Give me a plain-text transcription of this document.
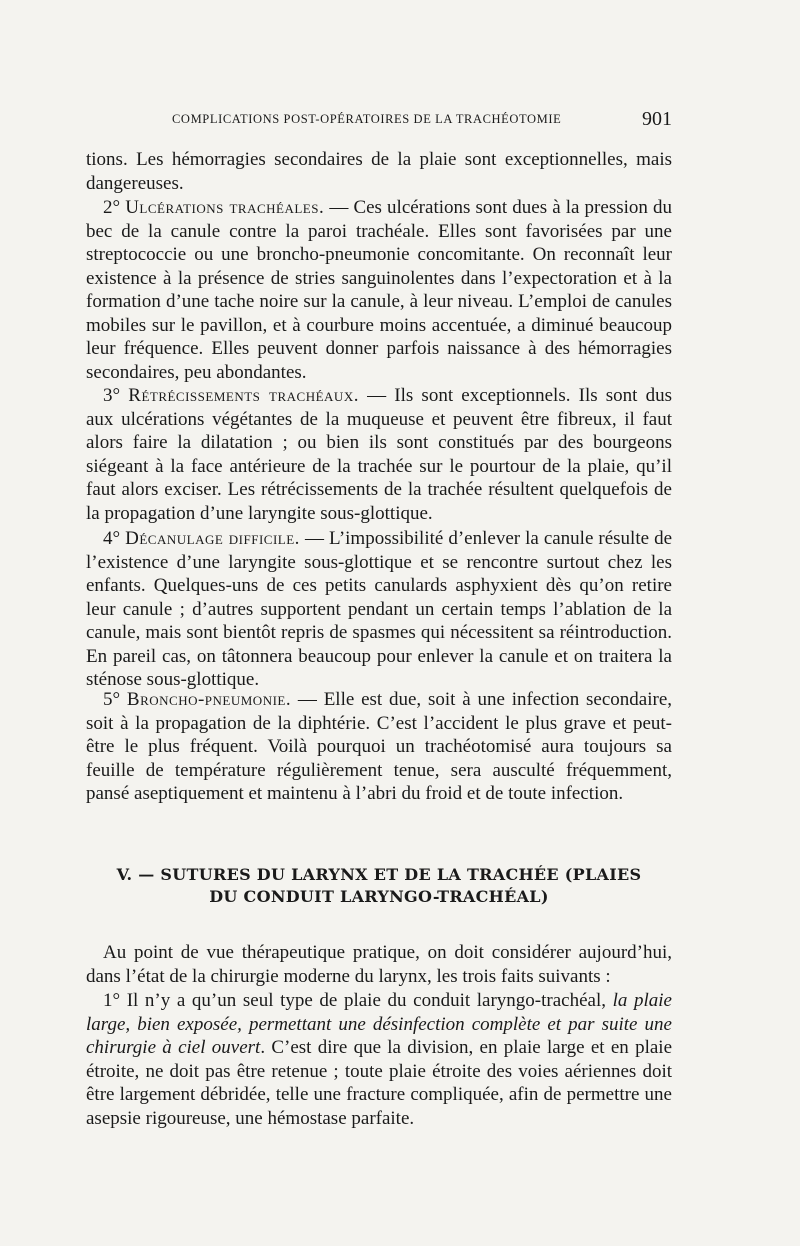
COMPLICATIONS POST-OPÉRATOIRES DE LA TRACHÉOTOMIE	901

tions. Les hémorragies secondaires de la plaie sont exceptionnelles, mais dangereuses.

2° Ulcérations trachéales. — Ces ulcérations sont dues à la pression du bec de la canule contre la paroi trachéale. Elles sont favorisées par une streptococcie ou une broncho-pneumonie concomitante. On reconnaît leur existence à la présence de stries sanguinolentes dans l’expectoration et à la formation d’une tache noire sur la canule, à leur niveau. L’emploi de canules mobiles sur le pavillon, et à courbure moins accentuée, a diminué beaucoup leur fréquence. Elles peuvent donner parfois naissance à des hémorragies secondaires, peu abondantes.

3° Rétrécissements trachéaux. — Ils sont exceptionnels. Ils sont dus aux ulcérations végétantes de la muqueuse et peuvent être fibreux, il faut alors faire la dilatation ; ou bien ils sont constitués par des bourgeons siégeant à la face antérieure de la trachée sur le pourtour de la plaie, qu’il faut alors exciser. Les rétrécissements de la trachée résultent quelquefois de la propagation d’une laryngite sous-glottique.

4° Décanulage difficile. — L’impossibilité d’enlever la canule résulte de l’existence d’une laryngite sous-glottique et se rencontre surtout chez les enfants. Quelques-uns de ces petits canulards asphyxient dès qu’on retire leur canule ; d’autres supportent pendant un certain temps l’ablation de la canule, mais sont bientôt repris de spasmes qui nécessitent sa réintroduction. En pareil cas, on tâtonnera beaucoup pour enlever la canule et on traitera la sténose sous-glottique.

5° Broncho-pneumonie. — Elle est due, soit à une infection secondaire, soit à la propagation de la diphtérie. C’est l’accident le plus grave et peut-être le plus fréquent. Voilà pourquoi un trachéotomisé aura toujours sa feuille de température régulièrement tenue, sera ausculté fréquemment, pansé aseptiquement et maintenu à l’abri du froid et de toute infection.

V. — SUTURES DU LARYNX ET DE LA TRACHÉE (PLAIES
DU CONDUIT LARYNGO-TRACHÉAL)

Au point de vue thérapeutique pratique, on doit considérer aujourd’hui, dans l’état de la chirurgie moderne du larynx, les trois faits suivants :

1° Il n’y a qu’un seul type de plaie du conduit laryngo-trachéal, la plaie large, bien exposée, permettant une désinfection complète et par suite une chirurgie à ciel ouvert. C’est dire que la division, en plaie large et en plaie étroite, ne doit pas être retenue ; toute plaie étroite des voies aériennes doit être largement débridée, telle une fracture compliquée, afin de permettre une asepsie rigoureuse, une hémostase parfaite.
